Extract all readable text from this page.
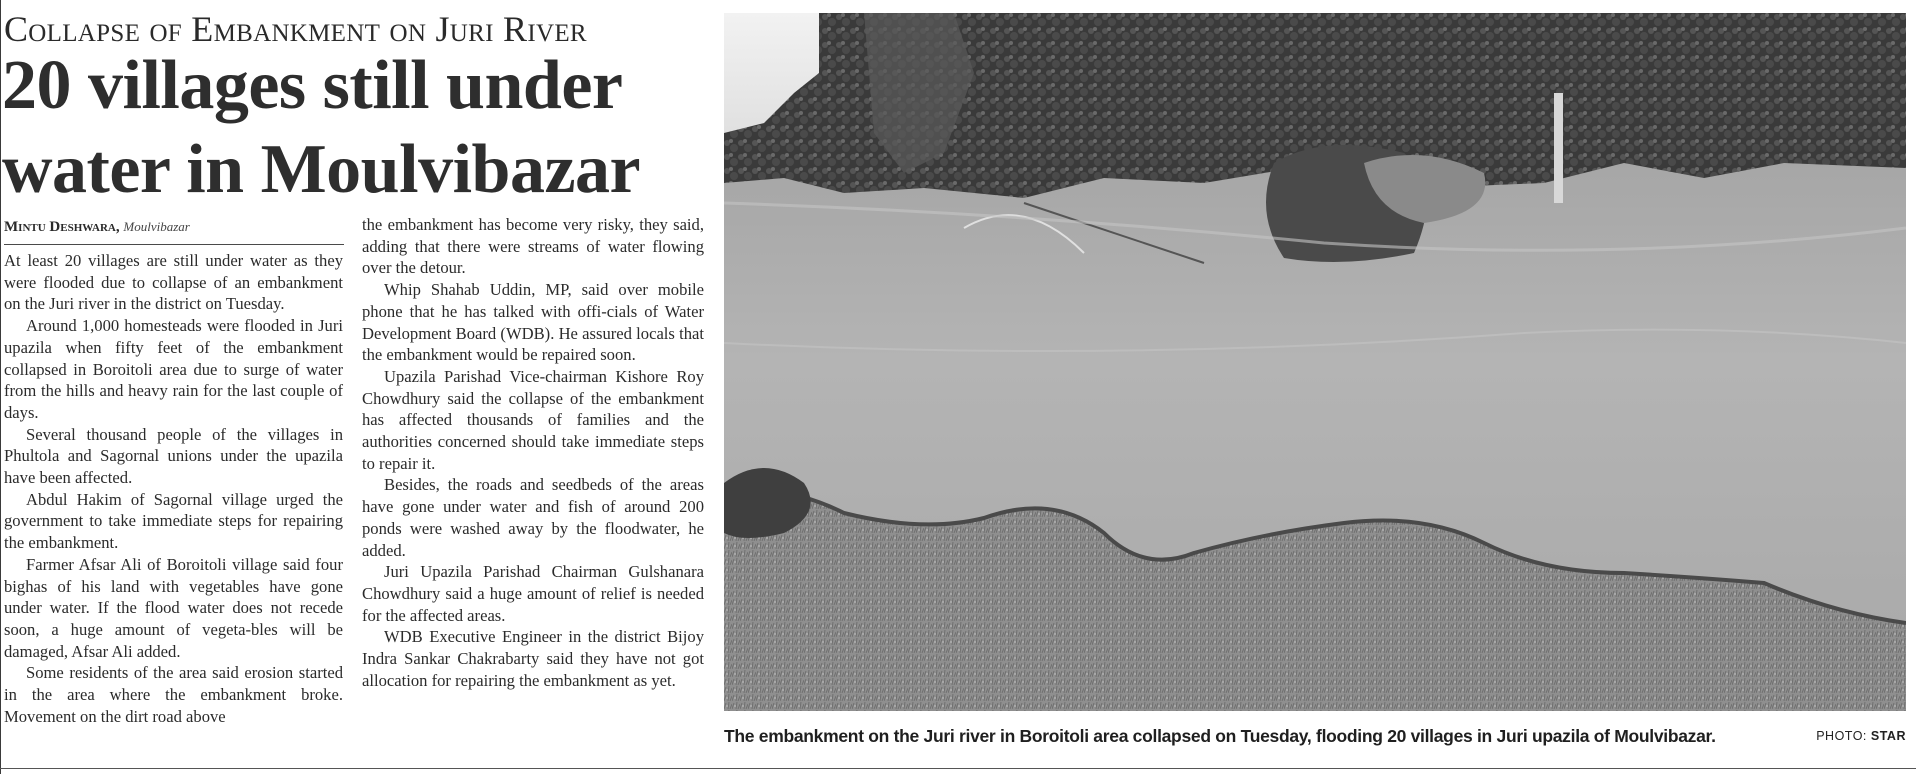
Collapse of Embankment on Juri River
20 villages still under water in Moulvibazar
Mintu Deshwara, Moulvibazar

At least 20 villages are still under water as they were flooded due to collapse of an embankment on the Juri river in the district on Tuesday.

Around 1,000 homesteads were flooded in Juri upazila when fifty feet of the embankment collapsed in Boroitoli area due to surge of water from the hills and heavy rain for the last couple of days.

Several thousand people of the villages in Phultola and Sagornal unions under the upazila have been affected.

Abdul Hakim of Sagornal village urged the government to take immediate steps for repairing the embankment.

Farmer Afsar Ali of Boroitoli village said four bighas of his land with vegetables have gone under water. If the flood water does not recede soon, a huge amount of vegeta-bles will be damaged, Afsar Ali added.

Some residents of the area said erosion started in the area where the embankment broke. Movement on the dirt road above

the embankment has become very risky, they said, adding that there were streams of water flowing over the detour.

Whip Shahab Uddin, MP, said over mobile phone that he has talked with offi-cials of Water Development Board (WDB). He assured locals that the embankment would be repaired soon.

Upazila Parishad Vice-chairman Kishore Roy Chowdhury said the collapse of the embankment has affected thousands of families and the authorities concerned should take immediate steps to repair it.

Besides, the roads and seedbeds of the areas have gone under water and fish of around 200 ponds were washed away by the floodwater, he added.

Juri Upazila Parishad Chairman Gulshanara Chowdhury said a huge amount of relief is needed for the affected areas.

WDB Executive Engineer in the district Bijoy Indra Sankar Chakrabarty said they have not got allocation for repairing the embankment as yet.

The embankment on the Juri river in Boroitoli area collapsed on Tuesday, flooding 20 villages in Juri upazila of Moulvibazar.	PHOTO: STAR
